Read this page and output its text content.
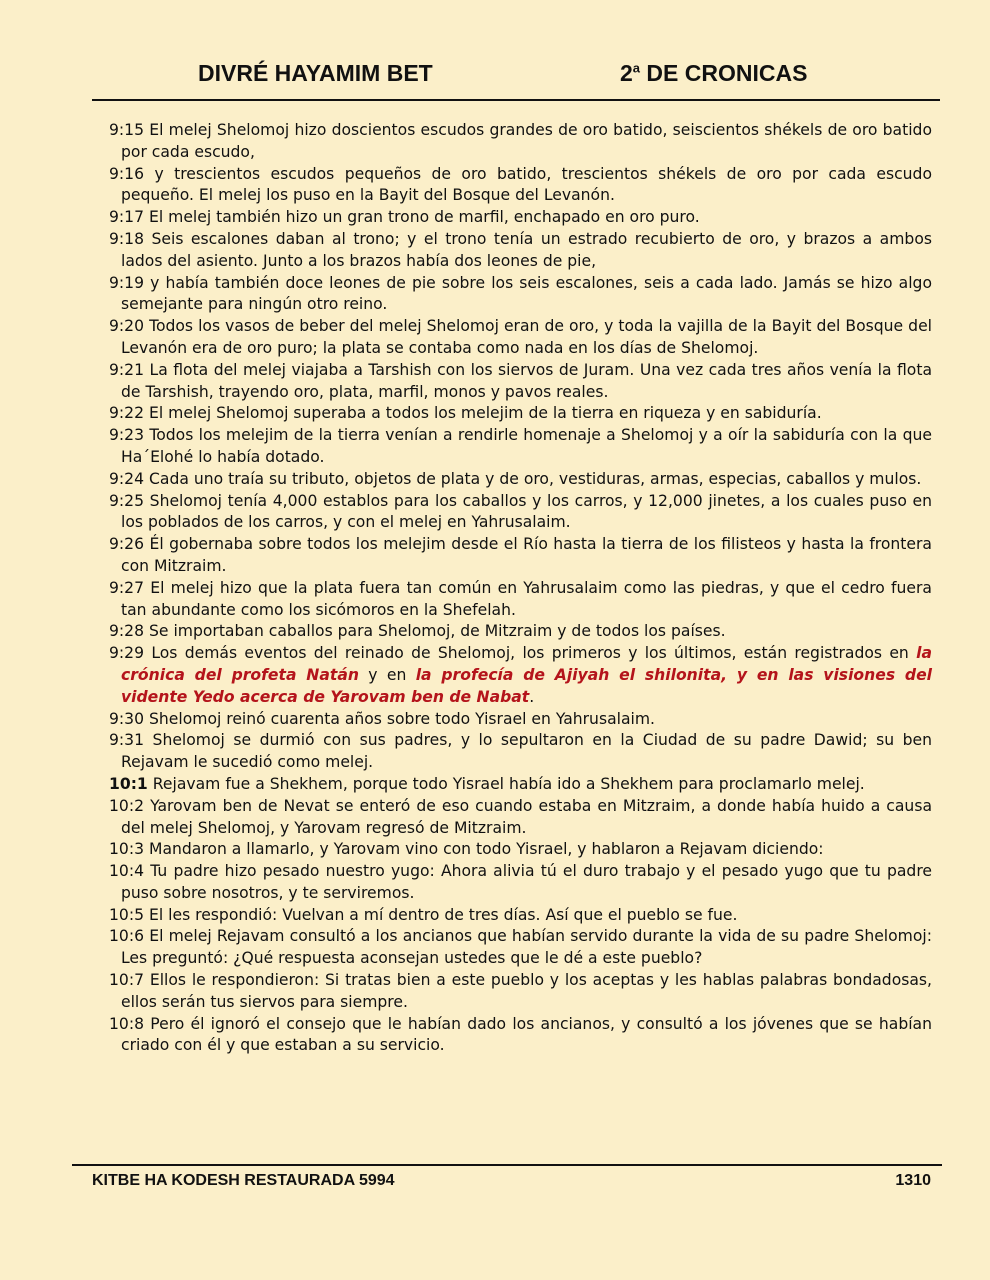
DIVRÉ HAYAMIM BET	2$^a$ DE CRONICAS
9:15 El melej Shelomoj hizo doscientos escudos grandes de oro batido, seiscientos shékels de oro batido por cada escudo,
9:16 y trescientos escudos pequeños de oro batido, trescientos shékels de oro por cada escudo pequeño. El melej los puso en la Bayit del Bosque del Levanón.
9:17 El melej también hizo un gran trono de marfil, enchapado en oro puro.
9:18 Seis escalones daban al trono; y el trono tenía un estrado recubierto de oro, y brazos a ambos lados del asiento. Junto a los brazos había dos leones de pie,
9:19 y había también doce leones de pie sobre los seis escalones, seis a cada lado. Jamás se hizo algo semejante para ningún otro reino.
9:20 Todos los vasos de beber del melej Shelomoj eran de oro, y toda la vajilla de la Bayit del Bosque del Levanón era de oro puro; la plata se contaba como nada en los días de Shelomoj.
9:21 La flota del melej viajaba a Tarshish con los siervos de Juram. Una vez cada tres años venía la flota de Tarshish, trayendo oro, plata, marfil, monos y pavos reales.
9:22 El melej Shelomoj superaba a todos los melejim de la tierra en riqueza y en sabiduría.
9:23 Todos los melejim de la tierra venían a rendirle homenaje a Shelomoj y a oír la sabiduría con la que Ha´Elohé lo había dotado.
9:24 Cada uno traía su tributo, objetos de plata y de oro, vestiduras, armas, especias, caballos y mulos.
9:25 Shelomoj tenía 4,000 establos para los caballos y los carros, y 12,000 jinetes, a los cuales puso en los poblados de los carros, y con el melej en Yahrusalaim.
9:26 Él gobernaba sobre todos los melejim desde el Río hasta la tierra de los filisteos y hasta la frontera con Mitzraim.
9:27 El melej hizo que la plata fuera tan común en Yahrusalaim como las piedras, y que el cedro fuera tan abundante como los sicómoros en la Shefelah.
9:28 Se importaban caballos para Shelomoj, de Mitzraim y de todos los países.
9:29 Los demás eventos del reinado de Shelomoj, los primeros y los últimos, están registrados en la crónica del profeta Natán y en la profecía de Ajiyah el shilonita, y en las visiones del vidente Yedo acerca de Yarovam ben de Nabat.
9:30 Shelomoj reinó cuarenta años sobre todo Yisrael en Yahrusalaim.
9:31 Shelomoj se durmió con sus padres, y lo sepultaron en la Ciudad de su padre Dawid; su ben Rejavam le sucedió como melej.
10:1 Rejavam fue a Shekhem, porque todo Yisrael había ido a Shekhem para proclamarlo melej.
10:2 Yarovam ben de Nevat se enteró de eso cuando estaba en Mitzraim, a donde había huido a causa del melej Shelomoj, y Yarovam regresó de Mitzraim.
10:3 Mandaron a llamarlo, y Yarovam vino con todo Yisrael, y hablaron a Rejavam diciendo:
10:4 Tu padre hizo pesado nuestro yugo: Ahora alivia tú el duro trabajo y el pesado yugo que tu padre puso sobre nosotros, y te serviremos.
10:5 El les respondió: Vuelvan a mí dentro de tres días. Así que el pueblo se fue.
10:6 El melej Rejavam consultó a los ancianos que habían servido durante la vida de su padre Shelomoj: Les preguntó: ¿Qué respuesta aconsejan ustedes que le dé a este pueblo?
10:7 Ellos le respondieron: Si tratas bien a este pueblo y los aceptas y les hablas palabras bondadosas, ellos serán tus siervos para siempre.
10:8 Pero él ignoró el consejo que le habían dado los ancianos, y consultó a los jóvenes que se habían criado con él y que estaban a su servicio.
KITBE HA KODESH RESTAURADA 5994	1310
